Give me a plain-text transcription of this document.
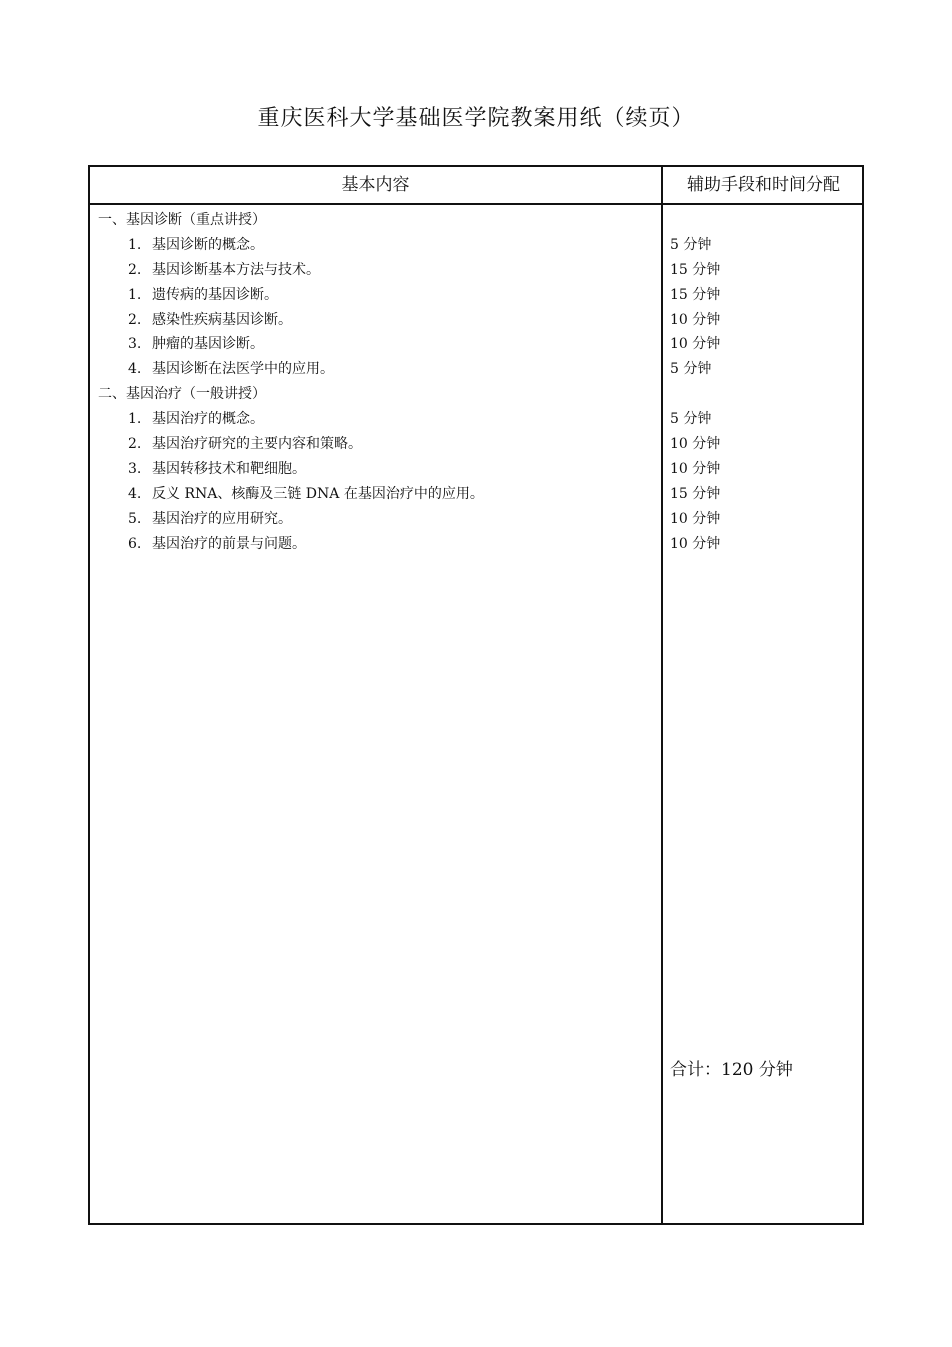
重庆医科大学基础医学院教案用纸（续页）
基本内容	辅助手段和时间分配
一、基因诊断（重点讲授）
1. 基因诊断的概念。
2. 基因诊断基本方法与技术。
1. 遗传病的基因诊断。
2. 感染性疾病基因诊断。
3. 肿瘤的基因诊断。
4. 基因诊断在法医学中的应用。
二、基因治疗（一般讲授）
1. 基因治疗的概念。
2. 基因治疗研究的主要内容和策略。
3. 基因转移技术和靶细胞。
4. 反义 RNA、核酶及三链 DNA 在基因治疗中的应用。
5. 基因治疗的应用研究。
6. 基因治疗的前景与问题。
5 分钟
15 分钟
15 分钟
10 分钟
10 分钟
5 分钟
5 分钟
10 分钟
10 分钟
15 分钟
10 分钟
10 分钟
合计：120 分钟
